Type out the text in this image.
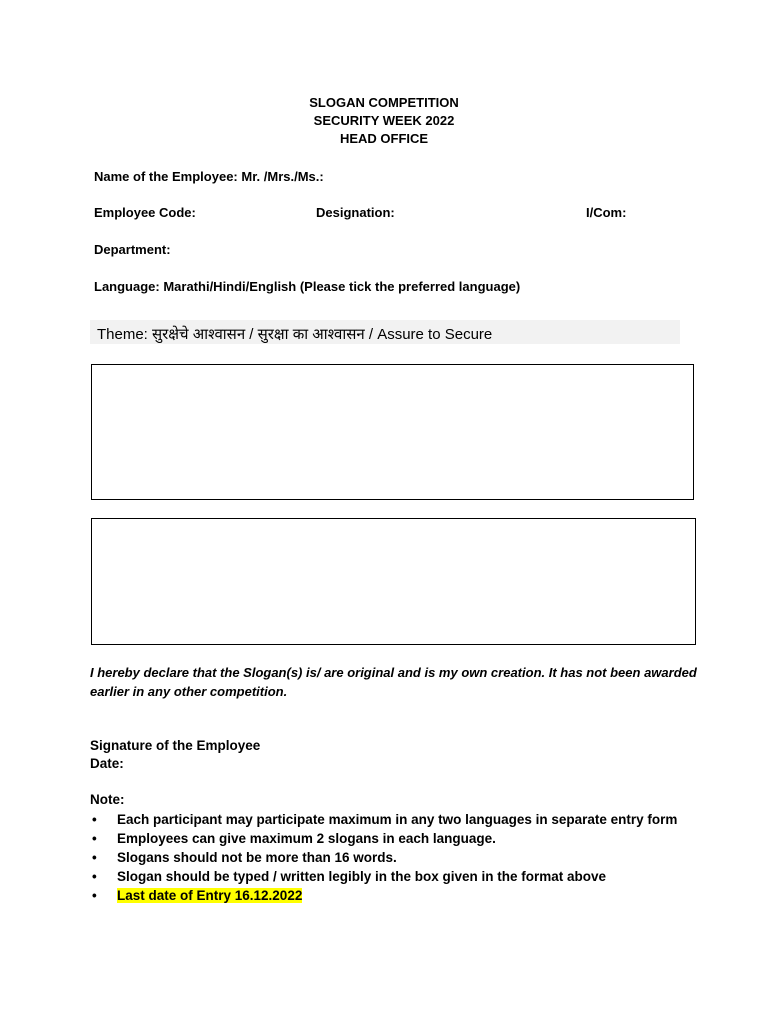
SLOGAN COMPETITION
SECURITY WEEK 2022
HEAD OFFICE
Name of the Employee: Mr. /Mrs./Ms.:
Employee Code:	Designation:	I/Com:
Department:
Language: Marathi/Hindi/English (Please tick the preferred language)
Theme: सुरक्षेचे आश्वासन / सुरक्षा का आश्वासन / Assure to Secure
I hereby declare that the Slogan(s) is/ are original and is my own creation. It has not been awarded earlier in any other competition.
Signature of the Employee
Date:
Note:
• Each participant may participate maximum in any two languages in separate entry form
• Employees can give maximum 2 slogans in each language.
• Slogans should not be more than 16 words.
• Slogan should be typed / written legibly in the box given in the format above
• Last date of Entry 16.12.2022
